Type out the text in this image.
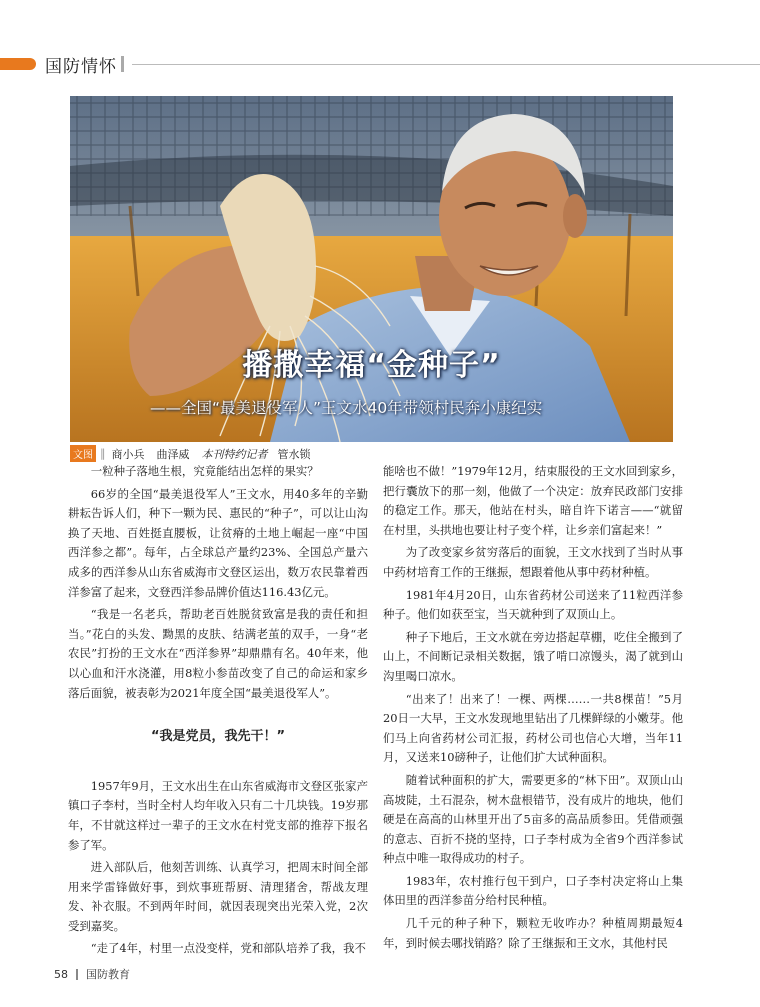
国防情怀
播撒幸福“金种子”
——全国“最美退役军人”王文水40年带领村民奔小康纪实
文图 ‖ 商小兵 曲泽威 本刊特约记者 管水锁

一粒种子落地生根，究竟能结出怎样的果实？

66岁的全国“最美退役军人”王文水，用40多年的辛勤耕耘告诉人们，种下一颗为民、惠民的“种子”，可以让山沟换了天地、百姓挺直腰板，让贫瘠的土地上崛起一座“中国西洋参之都”。每年，占全球总产量约23%、全国总产量六成多的西洋参从山东省威海市文登区运出，数万农民靠着西洋参富了起来，文登西洋参品牌价值达116.43亿元。

“我是一名老兵，帮助老百姓脱贫致富是我的责任和担当。”花白的头发、黝黑的皮肤、结满老茧的双手，一身“老农民”打扮的王文水在“西洋参界”却鼎鼎有名。40年来，他以心血和汗水浇灌，用8粒小参苗改变了自己的命运和家乡落后面貌，被表彰为2021年度全国“最美退役军人”。

“我是党员，我先干！”

1957年9月，王文水出生在山东省威海市文登区张家产镇口子李村，当时全村人均年收入只有二十几块钱。19岁那年，不甘就这样过一辈子的王文水在村党支部的推荐下报名参了军。

进入部队后，他刻苦训练、认真学习，把周末时间全部用来学雷锋做好事，到炊事班帮厨、清理猪舍，帮战友理发、补衣服。不到两年时间，就因表现突出光荣入党，2次受到嘉奖。

“走了4年，村里一点没变样，党和部队培养了我，我不

能啥也不做！”1979年12月，结束服役的王文水回到家乡，把行囊放下的那一刻，他做了一个决定：放弃民政部门安排的稳定工作。那天，他站在村头，暗自许下诺言——“就留在村里，头拱地也要让村子变个样，让乡亲们富起来！”

为了改变家乡贫穷落后的面貌，王文水找到了当时从事中药材培育工作的王继振，想跟着他从事中药材种植。

1981年4月20日，山东省药材公司送来了11粒西洋参种子。他们如获至宝，当天就种到了双顶山上。

种子下地后，王文水就在旁边搭起草棚，吃住全搬到了山上，不间断记录相关数据，饿了啃口凉馒头，渴了就到山沟里喝口凉水。

“出来了！出来了！一棵、两棵……一共8棵苗！”5月20日一大早，王文水发现地里钻出了几棵鲜绿的小嫩芽。他们马上向省药材公司汇报，药材公司也信心大增，当年11月，又送来10磅种子，让他们扩大试种面积。

随着试种面积的扩大，需要更多的“林下田”。双顶山山高坡陡，土石混杂，树木盘根错节，没有成片的地块，他们硬是在高高的山林里开出了5亩多的高品质参田。凭借顽强的意志、百折不挠的坚持，口子李村成为全省9个西洋参试种点中唯一取得成功的村子。

1983年，农村推行包干到户，口子李村决定将山上集体田里的西洋参苗分给村民种植。

几千元的种子种下，颗粒无收咋办？种植周期最短4年，到时候去哪找销路？除了王继振和王文水，其他村民

58 国防教育
